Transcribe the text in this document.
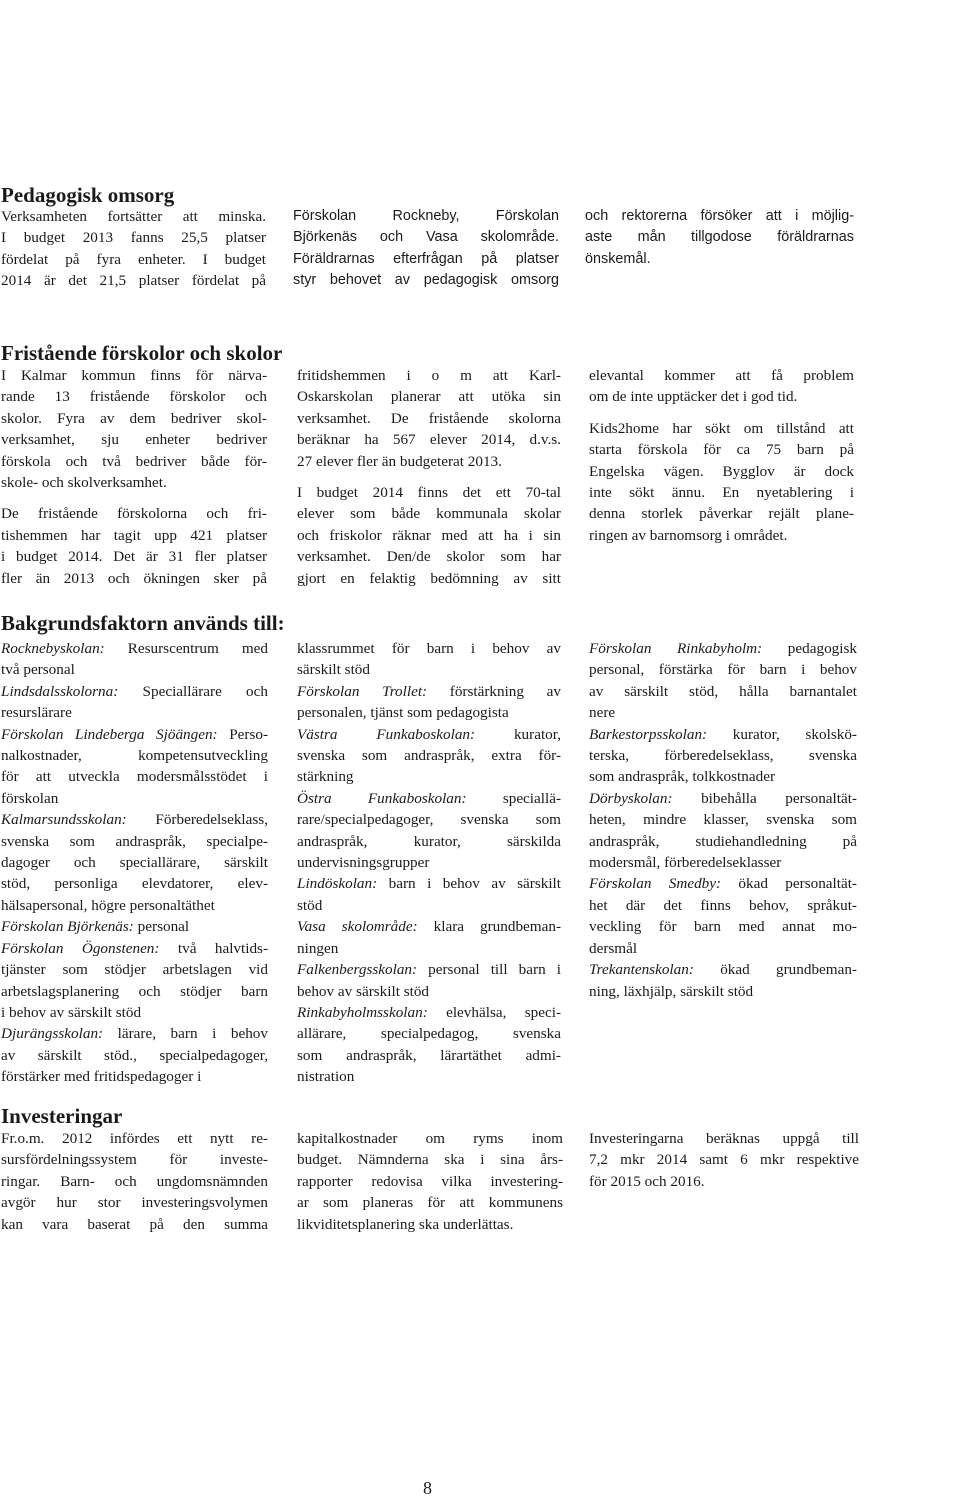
Pedagogisk omsorg
Verksamheten fortsätter att minska.
I budget 2013 fanns 25,5 platser
fördelat på fyra enheter. I budget
2014 är det 21,5 platser fördelat på
Förskolan Rockneby, Förskolan
Björkenäs och Vasa skolområde.
Föräldrarnas efterfrågan på platser
styr behovet av pedagogisk omsorg
och rektorerna försöker att i möjlig-
aste mån tillgodose föräldrarnas
önskemål.
Fristående förskolor och skolor
I Kalmar kommun finns för närva-
rande 13 fristående förskolor och
skolor. Fyra av dem bedriver skol-
verksamhet, sju enheter bedriver
förskola och två bedriver både för-
skole- och skolverksamhet.
De fristående förskolorna och fri-
tishemmen har tagit upp 421 platser
i budget 2014. Det är 31 fler platser
fler än 2013 och ökningen sker på
fritidshemmen i o m att Karl-
Oskarskolan planerar att utöka sin
verksamhet. De fristående skolorna
beräknar ha 567 elever 2014, d.v.s.
27 elever fler än budgeterat 2013.
I budget 2014 finns det ett 70-tal
elever som både kommunala skolar
och friskolor räknar med att ha i sin
verksamhet. Den/de skolor som har
gjort en felaktig bedömning av sitt
elevantal kommer att få problem
om de inte upptäcker det i god tid.
Kids2home har sökt om tillstånd att
starta förskola för ca 75 barn på
Engelska vägen. Bygglov är dock
inte sökt ännu. En nyetablering i
denna storlek påverkar rejält plane-
ringen av barnomsorg i området.
Bakgrundsfaktorn används till:
Rocknebyskolan: Resurscentrum med
två personal
Lindsdalsskolorna: Speciallärare och
resurslärare
Förskolan Lindeberga Sjöängen: Perso-
nalkostnader, kompetensutveckling
för att utveckla modersmålsstödet i
förskolan
Kalmarsundsskolan: Förberedelseklass,
svenska som andraspråk, specialpe-
dagoger och speciallärare, särskilt
stöd, personliga elevdatorer, elev-
hälsapersonal, högre personaltäthet
Förskolan Björkenäs: personal
Förskolan Ögonstenen: två halvtids-
tjänster som stödjer arbetslagen vid
arbetslagsplanering och stödjer barn
i behov av särskilt stöd
Djurängsskolan: lärare, barn i behov
av särskilt stöd., specialpedagoger,
förstärker med fritidspedagoger i
klassrummet för barn i behov av
särskilt stöd
Förskolan Trollet: förstärkning av
personalen, tjänst som pedagogista
Västra Funkaboskolan: kurator,
svenska som andraspråk, extra för-
stärkning
Östra Funkaboskolan: speciallä-
rare/specialpedagoger, svenska som
andraspråk, kurator, särskilda
undervisningsgrupper
Lindöskolan: barn i behov av särskilt
stöd
Vasa skolområde: klara grundbeman-
ningen
Falkenbergsskolan: personal till barn i
behov av särskilt stöd
Rinkabyholmsskolan: elevhälsa, speci-
allärare, specialpedagog, svenska
som andraspråk, lärartäthet admi-
nistration
Förskolan Rinkabyholm: pedagogisk
personal, förstärka för barn i behov
av särskilt stöd, hålla barnantalet
nere
Barkestorpsskolan: kurator, skolskö-
terska, förberedelseklass, svenska
som andraspråk, tolkkostnader
Dörbyskolan: bibehålla personaltät-
heten, mindre klasser, svenska som
andraspråk, studiehandledning på
modersmål, förberedelseklasser
Förskolan Smedby: ökad personaltät-
het där det finns behov, språkut-
veckling för barn med annat mo-
dersmål
Trekantenskolan: ökad grundbeman-
ning, läxhjälp, särskilt stöd
Investeringar
Fr.o.m. 2012 infördes ett nytt re-
sursfördelningssystem för investe-
ringar. Barn- och ungdomsnämnden
avgör hur stor investeringsvolymen
kan vara baserat på den summa
kapitalkostnader om ryms inom
budget. Nämnderna ska i sina års-
rapporter redovisa vilka investering-
ar som planeras för att kommunens
likviditetsplanering ska underlättas.
Investeringarna beräknas uppgå till
7,2 mkr 2014 samt 6 mkr respektive
för 2015 och 2016.
8
